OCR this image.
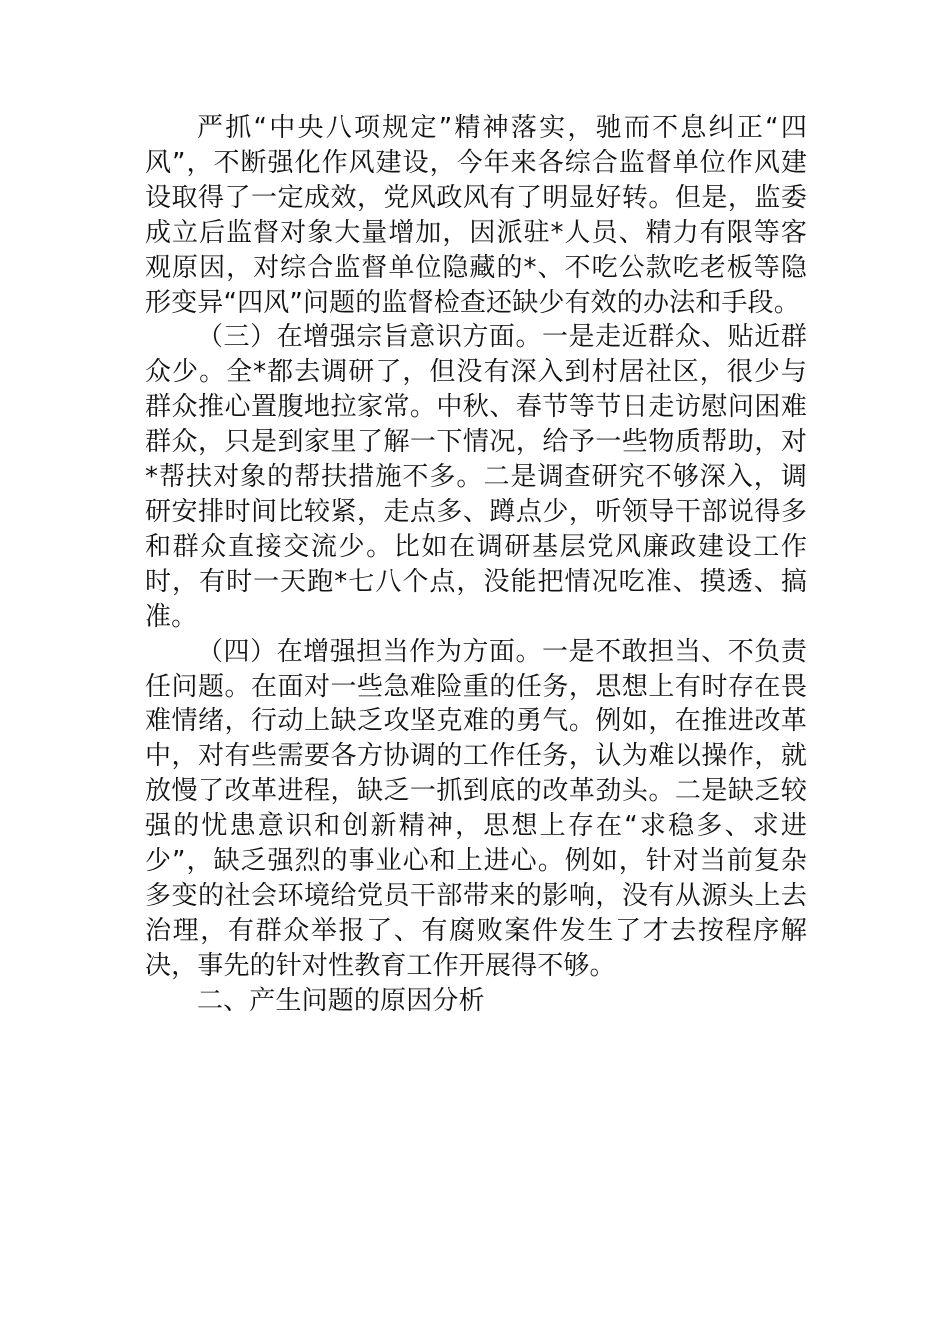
严抓“中央八项规定”精神落实，驰而不息纠正“四风”，不断强化作风建设，今年来各综合监督单位作风建设取得了一定成效，党风政风有了明显好转。但是，监委成立后监督对象大量增加，因派驻*人员、精力有限等客观原因，对综合监督单位隐藏的*、不吃公款吃老板等隐形变异“四风”问题的监督检查还缺少有效的办法和手段。

（三）在增强宗旨意识方面。一是走近群众、贴近群众少。全*都去调研了，但没有深入到村居社区，很少与群众推心置腹地拉家常。中秋、春节等节日走访慰问困难群众，只是到家里了解一下情况，给予一些物质帮助，对*帮扶对象的帮扶措施不多。二是调查研究不够深入，调研安排时间比较紧，走点多、蹲点少，听领导干部说得多和群众直接交流少。比如在调研基层党风廉政建设工作时，有时一天跑*七八个点，没能把情况吃准、摸透、搞准。

（四）在增强担当作为方面。一是不敢担当、不负责任问题。在面对一些急难险重的任务，思想上有时存在畏难情绪，行动上缺乏攻坚克难的勇气。例如，在推进改革中，对有些需要各方协调的工作任务，认为难以操作，就放慢了改革进程，缺乏一抓到底的改革劲头。二是缺乏较强的忧患意识和创新精神，思想上存在“求稳多、求进少”，缺乏强烈的事业心和上进心。例如，针对当前复杂多变的社会环境给党员干部带来的影响，没有从源头上去治理，有群众举报了、有腐败案件发生了才去按程序解决，事先的针对性教育工作开展得不够。

二、产生问题的原因分析
